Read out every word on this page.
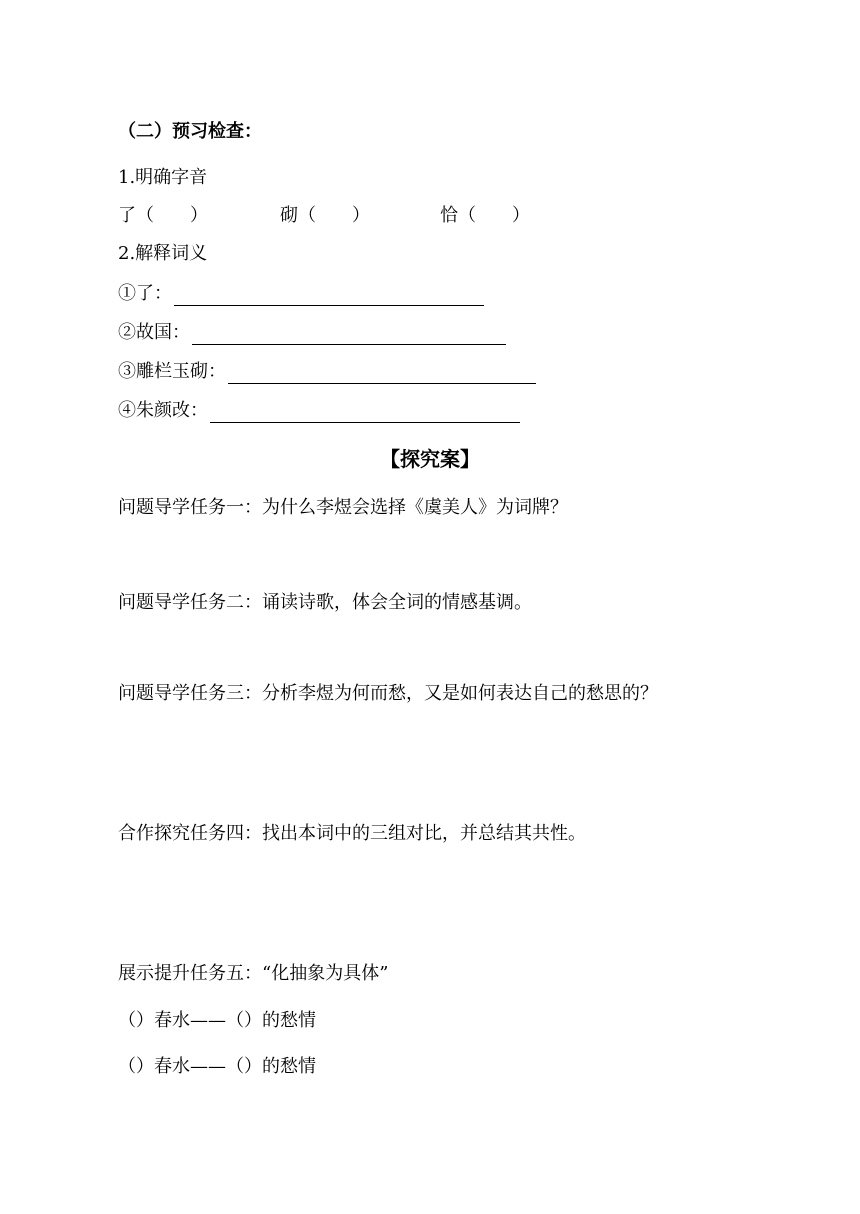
（二）预习检查：
1.明确字音
了（　　）	砌（　　）	恰（　　）
2.解释词义
①了：
②故国：
③雕栏玉砌：
④朱颜改：
【探究案】
问题导学任务一：为什么李煜会选择《虞美人》为词牌？
问题导学任务二：诵读诗歌，体会全词的情感基调。
问题导学任务三：分析李煜为何而愁，又是如何表达自己的愁思的？
合作探究任务四：找出本词中的三组对比，并总结其共性。
展示提升任务五：“化抽象为具体”
（）春水——（）的愁情
（）春水——（）的愁情
